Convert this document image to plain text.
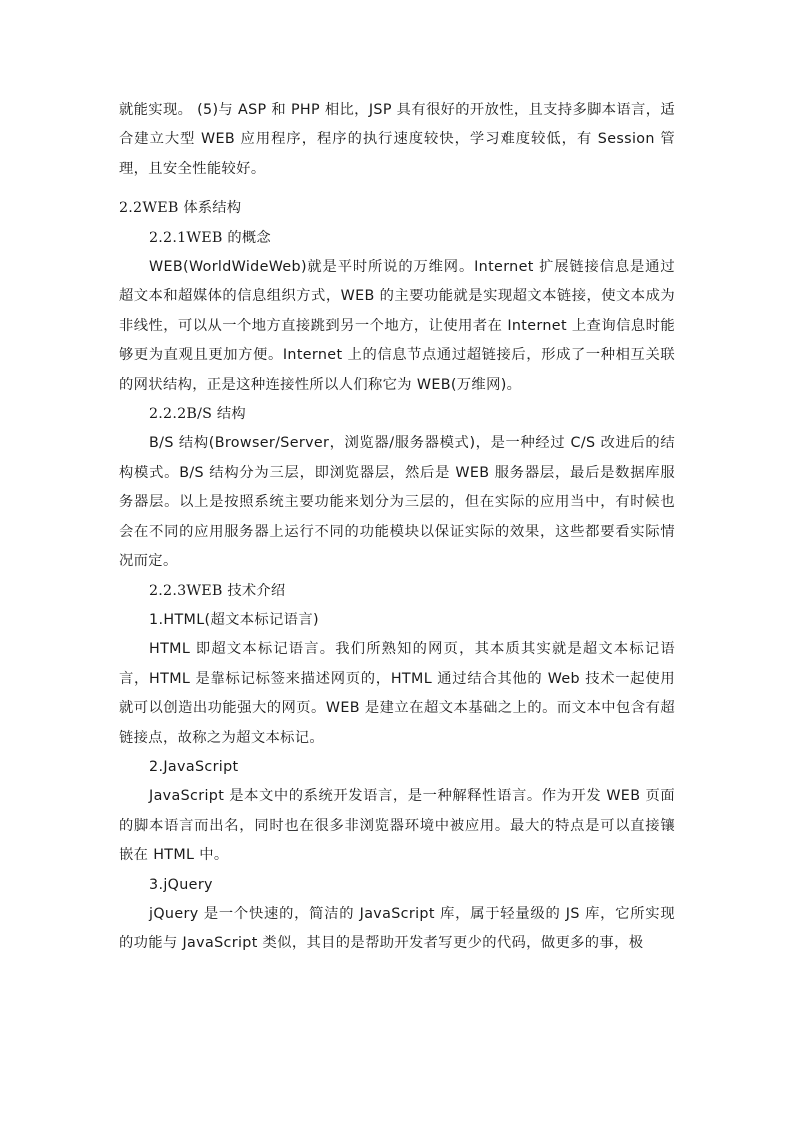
就能实现。 (5)与 ASP 和 PHP 相比，JSP 具有很好的开放性，且支持多脚本语言，适合建立大型 WEB 应用程序，程序的执行速度较快，学习难度较低，有 Session 管理，且安全性能较好。

2.2WEB 体系结构

2.2.1WEB 的概念

WEB(WorldWideWeb)就是平时所说的万维网。Internet 扩展链接信息是通过超文本和超媒体的信息组织方式，WEB 的主要功能就是实现超文本链接，使文本成为非线性，可以从一个地方直接跳到另一个地方，让使用者在 Internet 上查询信息时能够更为直观且更加方便。Internet 上的信息节点通过超链接后，形成了一种相互关联的网状结构，正是这种连接性所以人们称它为 WEB(万维网)。

2.2.2B/S 结构

B/S 结构(Browser/Server，浏览器/服务器模式)，是一种经过 C/S 改进后的结构模式。B/S 结构分为三层，即浏览器层，然后是 WEB 服务器层，最后是数据库服务器层。以上是按照系统主要功能来划分为三层的，但在实际的应用当中，有时候也会在不同的应用服务器上运行不同的功能模块以保证实际的效果，这些都要看实际情况而定。

2.2.3WEB 技术介绍

1.HTML(超文本标记语言)

HTML 即超文本标记语言。我们所熟知的网页，其本质其实就是超文本标记语言，HTML 是靠标记标签来描述网页的，HTML 通过结合其他的 Web 技术一起使用就可以创造出功能强大的网页。WEB 是建立在超文本基础之上的。而文本中包含有超链接点，故称之为超文本标记。

2.JavaScript

JavaScript 是本文中的系统开发语言，是一种解释性语言。作为开发 WEB 页面的脚本语言而出名，同时也在很多非浏览器环境中被应用。最大的特点是可以直接镶嵌在 HTML 中。

3.jQuery

jQuery 是一个快速的，简洁的 JavaScript 库，属于轻量级的 JS 库，它所实现的功能与 JavaScript 类似，其目的是帮助开发者写更少的代码，做更多的事，极
